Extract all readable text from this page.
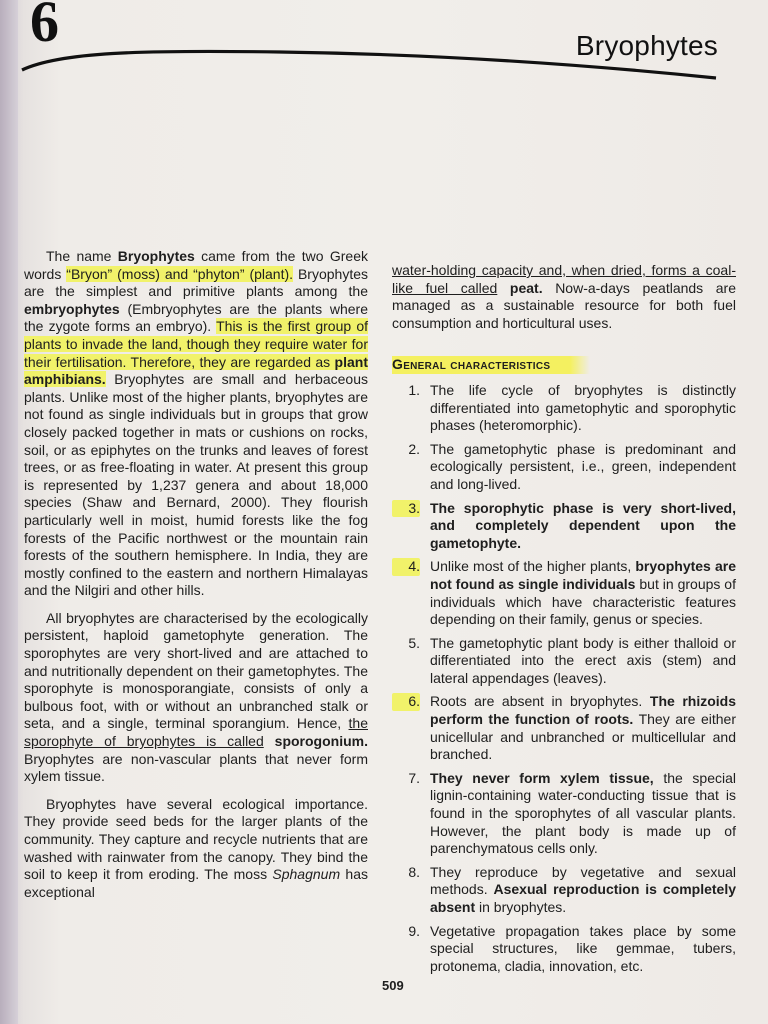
6	Bryophytes

The name Bryophytes came from the two Greek words “Bryon” (moss) and “phyton” (plant). Bryophytes are the simplest and primitive plants among the embryophytes (Embryophytes are the plants where the zygote forms an embryo). This is the first group of plants to invade the land, though they require water for their fertilisation. Therefore, they are regarded as plant amphibians. Bryophytes are small and herbaceous plants. Unlike most of the higher plants, bryophytes are not found as single individuals but in groups that grow closely packed together in mats or cushions on rocks, soil, or as epiphytes on the trunks and leaves of forest trees, or as free-floating in water. At present this group is represented by 1,237 genera and about 18,000 species (Shaw and Bernard, 2000). They flourish particularly well in moist, humid forests like the fog forests of the Pacific northwest or the mountain rain forests of the southern hemisphere. In India, they are mostly confined to the eastern and northern Himalayas and the Nilgiri and other hills.

All bryophytes are characterised by the ecologically persistent, haploid gametophyte generation. The sporophytes are very short-lived and are attached to and nutritionally dependent on their gametophytes. The sporophyte is monosporangiate, consists of only a bulbous foot, with or without an unbranched stalk or seta, and a single, terminal sporangium. Hence, the sporophyte of bryophytes is called sporogonium. Bryophytes are non-vascular plants that never form xylem tissue.

Bryophytes have several ecological importance. They provide seed beds for the larger plants of the community. They capture and recycle nutrients that are washed with rainwater from the canopy. They bind the soil to keep it from eroding. The moss Sphagnum has exceptional

water-holding capacity and, when dried, forms a coal-like fuel called peat. Now-a-days peatlands are managed as a sustainable resource for both fuel consumption and horticultural uses.

General characteristics
1. The life cycle of bryophytes is distinctly differentiated into gametophytic and sporophytic phases (heteromorphic).
2. The gametophytic phase is predominant and ecologically persistent, i.e., green, independent and long-lived.
3. The sporophytic phase is very short-lived, and completely dependent upon the gametophyte.
4. Unlike most of the higher plants, bryophytes are not found as single individuals but in groups of individuals which have characteristic features depending on their family, genus or species.
5. The gametophytic plant body is either thalloid or differentiated into the erect axis (stem) and lateral appendages (leaves).
6. Roots are absent in bryophytes. The rhizoids perform the function of roots. They are either unicellular and unbranched or multicellular and branched.
7. They never form xylem tissue, the special lignin-containing water-conducting tissue that is found in the sporophytes of all vascular plants. However, the plant body is made up of parenchymatous cells only.
8. They reproduce by vegetative and sexual methods. Asexual reproduction is completely absent in bryophytes.
9. Vegetative propagation takes place by some special structures, like gemmae, tubers, protonema, cladia, innovation, etc.
509
